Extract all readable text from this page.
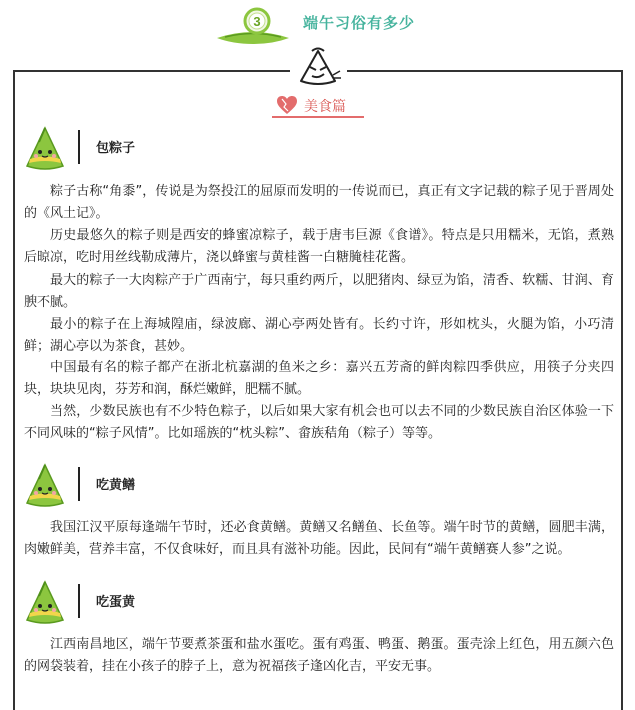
3	端午习俗有多少
美食篇
包粽子

粽子古称“角黍”，传说是为祭投江的屈原而发明的一传说而已，真正有文字记载的粽子见于晋周处的《风土记》。

历史最悠久的粽子则是西安的蜂蜜凉粽子，载于唐韦巨源《食谱》。特点是只用糯米，无馅，煮熟后晾凉，吃时用丝线勒成薄片，浇以蜂蜜与黄桂酱一白糖腌桂花酱。

最大的粽子一大肉粽产于广西南宁，每只重约两斤，以肥猪肉、绿豆为馅，清香、软糯、甘润、育腴不腻。

最小的粽子在上海城隍庙，绿波廊、湖心亭两处皆有。长约寸许，形如枕头，火腿为馅，小巧清鲜；湖心亭以为茶食，甚妙。

中国最有名的粽子都产在浙北杭嘉湖的鱼米之乡：嘉兴五芳斋的鲜肉粽四季供应，用筷子分夹四块，块块见肉，芬芳和润，酥烂嫩鲜，肥糯不腻。

当然，少数民族也有不少特色粽子，以后如果大家有机会也可以去不同的少数民族自治区体验一下不同风味的“粽子风情”。比如瑶族的“枕头粽”、畲族秸角（粽子）等等。

吃黄鳝

我国江汉平原每逢端午节时，还必食黄鳝。黄鳝又名鳝鱼、长鱼等。端午时节的黄鳝，圆肥丰满，肉嫩鲜美，营养丰富，不仅食味好，而且具有滋补功能。因此，民间有“端午黄鳝赛人参”之说。

吃蛋黄

江西南昌地区，端午节要煮茶蛋和盐水蛋吃。蛋有鸡蛋、鸭蛋、鹅蛋。蛋壳涂上红色，用五颜六色的网袋装着，挂在小孩子的脖子上，意为祝福孩子逢凶化吉，平安无事。
